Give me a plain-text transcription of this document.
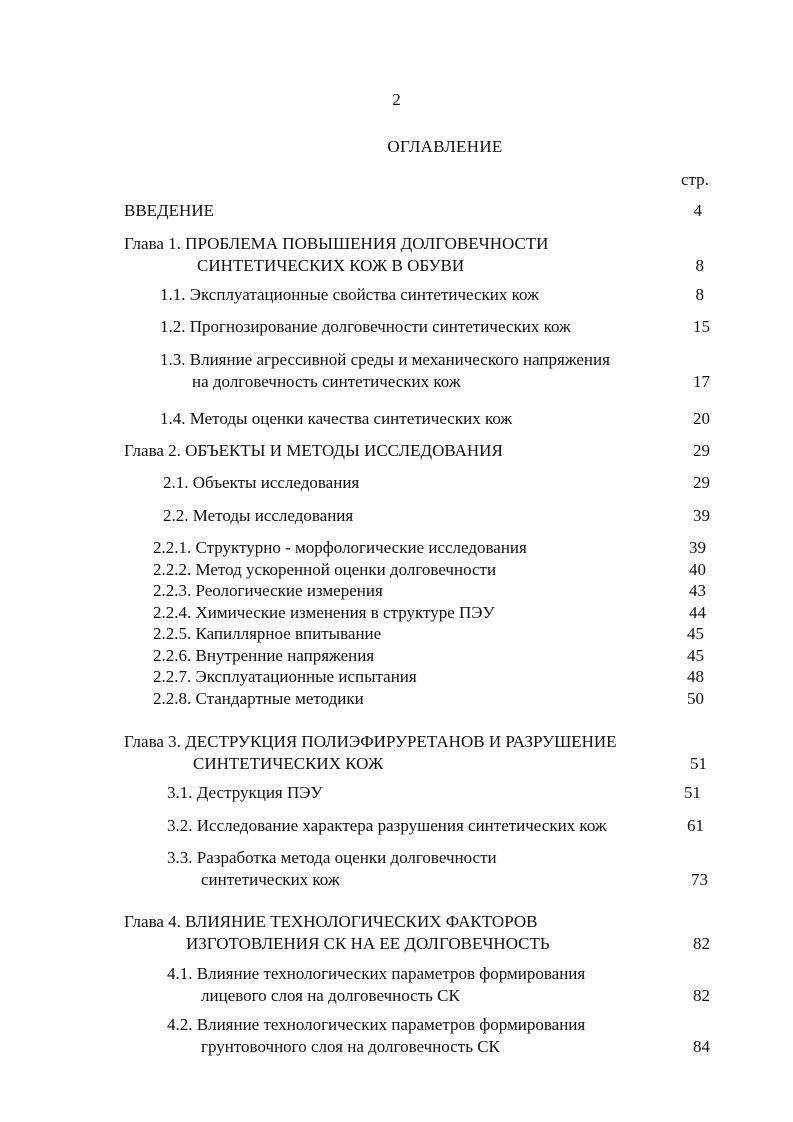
2
ОГЛАВЛЕНИЕ
стр.
ВВЕДЕНИЕ	4
Глава 1. ПРОБЛЕМА ПОВЫШЕНИЯ ДОЛГОВЕЧНОСТИ
СИНТЕТИЧЕСКИХ КОЖ В ОБУВИ	8
1.1. Эксплуатационные свойства синтетических кож	8
1.2. Прогнозирование долговечности синтетических кож	15
1.3. Влияние агрессивной среды и механического напряжения
на долговечность синтетических кож	17
1.4. Методы оценки качества синтетических кож	20
Глава 2. ОБЪЕКТЫ И МЕТОДЫ ИССЛЕДОВАНИЯ	29
2.1. Объекты исследования	29
2.2. Методы исследования	39
2.2.1. Структурно - морфологические исследования	39
2.2.2. Метод ускоренной оценки долговечности	40
2.2.3. Реологические измерения	43
2.2.4. Химические изменения в структуре ПЭУ	44
2.2.5. Капиллярное впитывание	45
2.2.6. Внутренние напряжения	45
2.2.7. Эксплуатационные испытания	48
2.2.8. Стандартные методики	50
Глава 3. ДЕСТРУКЦИЯ ПОЛИЭФИРУРЕТАНОВ И РАЗРУШЕНИЕ
СИНТЕТИЧЕСКИХ КОЖ	51
3.1. Деструкция ПЭУ	51
3.2. Исследование характера разрушения синтетических кож	61
3.3. Разработка метода оценки долговечности
синтетических кож	73
Глава 4. ВЛИЯНИЕ ТЕХНОЛОГИЧЕСКИХ ФАКТОРОВ
ИЗГОТОВЛЕНИЯ СК НА ЕЕ ДОЛГОВЕЧНОСТЬ	82
4.1. Влияние технологических параметров формирования
лицевого слоя на долговечность СК	82
4.2. Влияние технологических параметров формирования
грунтовочного слоя на долговечность СК	84
